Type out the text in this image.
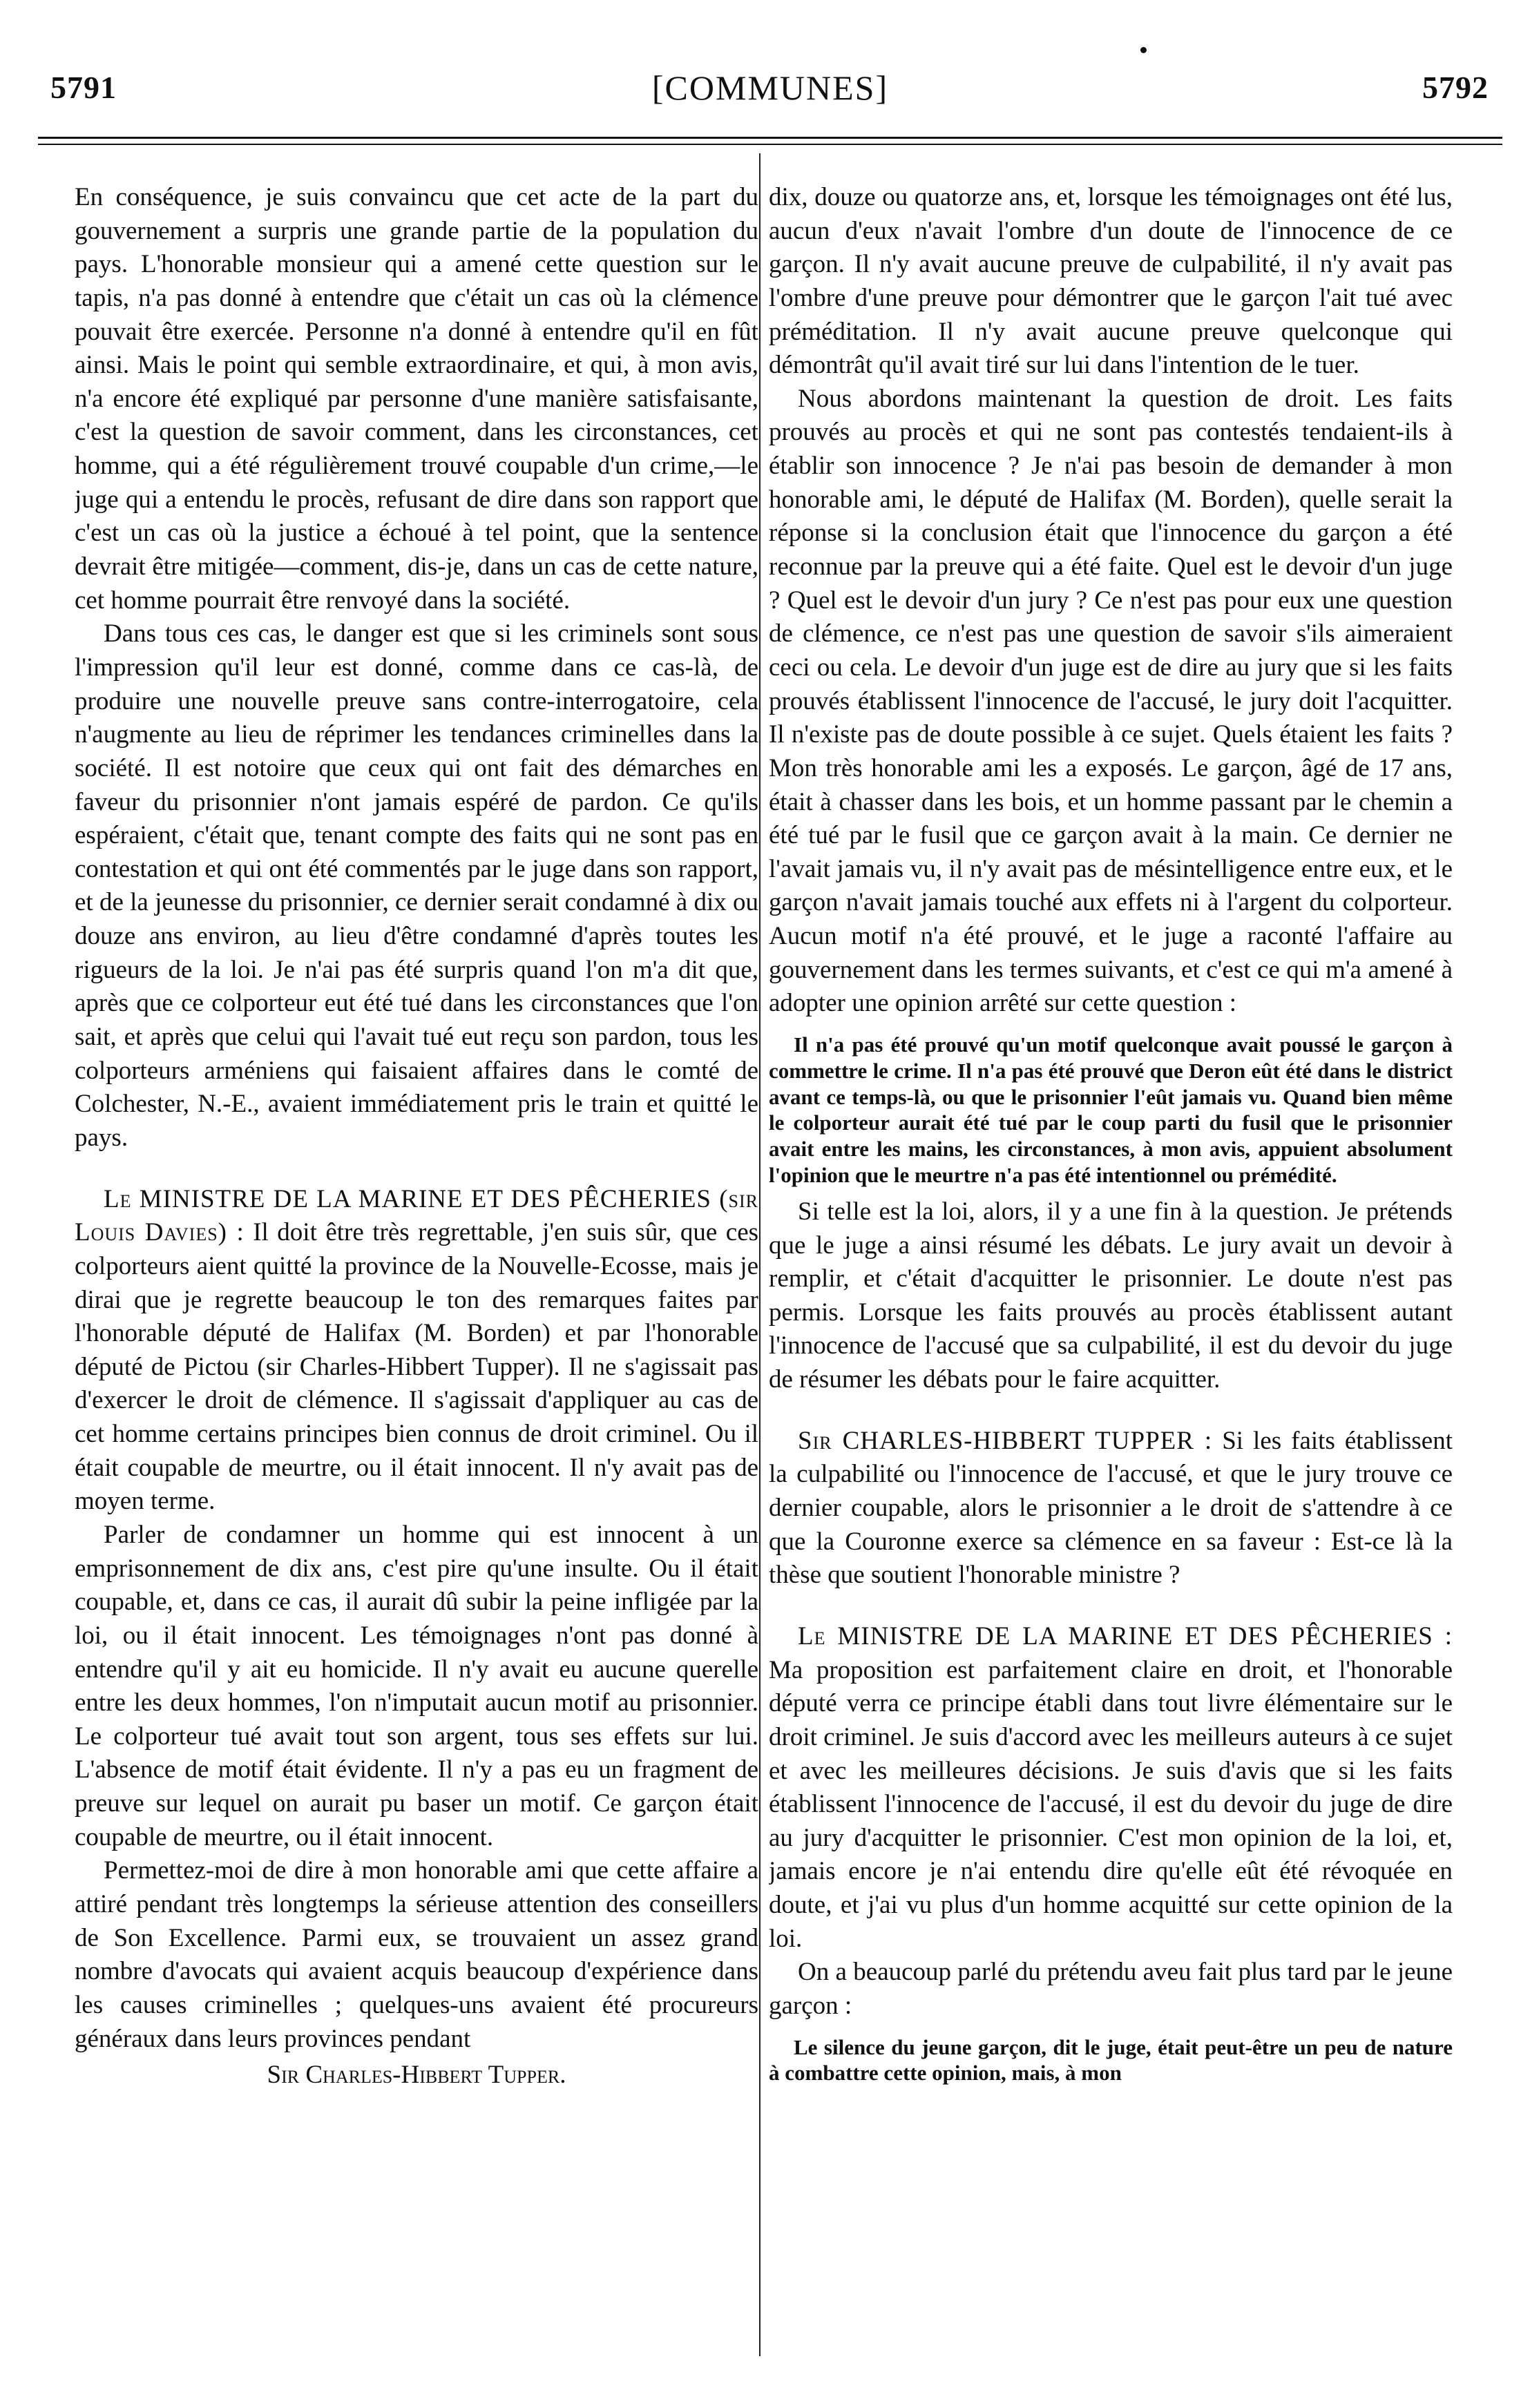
5791	[COMMUNES]	5792

En conséquence, je suis convaincu que cet acte de la part du gouvernement a surpris une grande partie de la population du pays. L'honorable monsieur qui a amené cette question sur le tapis, n'a pas donné à entendre que c'était un cas où la clémence pouvait être exercée. Personne n'a donné à entendre qu'il en fût ainsi. Mais le point qui semble extraordinaire, et qui, à mon avis, n'a encore été expliqué par personne d'une manière satisfaisante, c'est la question de savoir comment, dans les circonstances, cet homme, qui a été régulièrement trouvé coupable d'un crime,—le juge qui a entendu le procès, refusant de dire dans son rapport que c'est un cas où la justice a échoué à tel point, que la sentence devrait être mitigée—comment, dis-je, dans un cas de cette nature, cet homme pourrait être renvoyé dans la société.

Dans tous ces cas, le danger est que si les criminels sont sous l'impression qu'il leur est donné, comme dans ce cas-là, de produire une nouvelle preuve sans contre-interrogatoire, cela n'augmente au lieu de réprimer les tendances criminelles dans la société. Il est notoire que ceux qui ont fait des démarches en faveur du prisonnier n'ont jamais espéré de pardon. Ce qu'ils espéraient, c'était que, tenant compte des faits qui ne sont pas en contestation et qui ont été commentés par le juge dans son rapport, et de la jeunesse du prisonnier, ce dernier serait condamné à dix ou douze ans environ, au lieu d'être condamné d'après toutes les rigueurs de la loi. Je n'ai pas été surpris quand l'on m'a dit que, après que ce colporteur eut été tué dans les circonstances que l'on sait, et après que celui qui l'avait tué eut reçu son pardon, tous les colporteurs arméniens qui faisaient affaires dans le comté de Colchester, N.-E., avaient immédiatement pris le train et quitté le pays.

Le MINISTRE DE LA MARINE ET DES PÊCHERIES (sir Louis Davies) : Il doit être très regrettable, j'en suis sûr, que ces colporteurs aient quitté la province de la Nouvelle-Ecosse, mais je dirai que je regrette beaucoup le ton des remarques faites par l'honorable député de Halifax (M. Borden) et par l'honorable député de Pictou (sir Charles-Hibbert Tupper). Il ne s'agissait pas d'exercer le droit de clémence. Il s'agissait d'appliquer au cas de cet homme certains principes bien connus de droit criminel. Ou il était coupable de meurtre, ou il était innocent. Il n'y avait pas de moyen terme.

Parler de condamner un homme qui est innocent à un emprisonnement de dix ans, c'est pire qu'une insulte. Ou il était coupable, et, dans ce cas, il aurait dû subir la peine infligée par la loi, ou il était innocent. Les témoignages n'ont pas donné à entendre qu'il y ait eu homicide. Il n'y avait eu aucune querelle entre les deux hommes, l'on n'imputait aucun motif au prisonnier. Le colporteur tué avait tout son argent, tous ses effets sur lui. L'absence de motif était évidente. Il n'y a pas eu un fragment de preuve sur lequel on aurait pu baser un motif. Ce garçon était coupable de meurtre, ou il était innocent.

Permettez-moi de dire à mon honorable ami que cette affaire a attiré pendant très longtemps la sérieuse attention des conseillers de Son Excellence. Parmi eux, se trouvaient un assez grand nombre d'avocats qui avaient acquis beaucoup d'expérience dans les causes criminelles ; quelques-uns avaient été procureurs généraux dans leurs provinces pendant

Sir Charles-Hibbert Tupper.

dix, douze ou quatorze ans, et, lorsque les témoignages ont été lus, aucun d'eux n'avait l'ombre d'un doute de l'innocence de ce garçon. Il n'y avait aucune preuve de culpabilité, il n'y avait pas l'ombre d'une preuve pour démontrer que le garçon l'ait tué avec préméditation. Il n'y avait aucune preuve quelconque qui démontrât qu'il avait tiré sur lui dans l'intention de le tuer.

Nous abordons maintenant la question de droit. Les faits prouvés au procès et qui ne sont pas contestés tendaient-ils à établir son innocence ? Je n'ai pas besoin de demander à mon honorable ami, le député de Halifax (M. Borden), quelle serait la réponse si la conclusion était que l'innocence du garçon a été reconnue par la preuve qui a été faite. Quel est le devoir d'un juge ? Quel est le devoir d'un jury ? Ce n'est pas pour eux une question de clémence, ce n'est pas une question de savoir s'ils aimeraient ceci ou cela. Le devoir d'un juge est de dire au jury que si les faits prouvés établissent l'innocence de l'accusé, le jury doit l'acquitter. Il n'existe pas de doute possible à ce sujet. Quels étaient les faits ? Mon très honorable ami les a exposés. Le garçon, âgé de 17 ans, était à chasser dans les bois, et un homme passant par le chemin a été tué par le fusil que ce garçon avait à la main. Ce dernier ne l'avait jamais vu, il n'y avait pas de mésintelligence entre eux, et le garçon n'avait jamais touché aux effets ni à l'argent du colporteur. Aucun motif n'a été prouvé, et le juge a raconté l'affaire au gouvernement dans les termes suivants, et c'est ce qui m'a amené à adopter une opinion arrêté sur cette question :

Il n'a pas été prouvé qu'un motif quelconque avait poussé le garçon à commettre le crime. Il n'a pas été prouvé que Deron eût été dans le district avant ce temps-là, ou que le prisonnier l'eût jamais vu. Quand bien même le colporteur aurait été tué par le coup parti du fusil que le prisonnier avait entre les mains, les circonstances, à mon avis, appuient absolument l'opinion que le meurtre n'a pas été intentionnel ou prémédité.

Si telle est la loi, alors, il y a une fin à la question. Je prétends que le juge a ainsi résumé les débats. Le jury avait un devoir à remplir, et c'était d'acquitter le prisonnier. Le doute n'est pas permis. Lorsque les faits prouvés au procès établissent autant l'innocence de l'accusé que sa culpabilité, il est du devoir du juge de résumer les débats pour le faire acquitter.

Sir CHARLES-HIBBERT TUPPER : Si les faits établissent la culpabilité ou l'innocence de l'accusé, et que le jury trouve ce dernier coupable, alors le prisonnier a le droit de s'attendre à ce que la Couronne exerce sa clémence en sa faveur : Est-ce là la thèse que soutient l'honorable ministre ?

Le MINISTRE DE LA MARINE ET DES PÊCHERIES : Ma proposition est parfaitement claire en droit, et l'honorable député verra ce principe établi dans tout livre élémentaire sur le droit criminel. Je suis d'accord avec les meilleurs auteurs à ce sujet et avec les meilleures décisions. Je suis d'avis que si les faits établissent l'innocence de l'accusé, il est du devoir du juge de dire au jury d'acquitter le prisonnier. C'est mon opinion de la loi, et, jamais encore je n'ai entendu dire qu'elle eût été révoquée en doute, et j'ai vu plus d'un homme acquitté sur cette opinion de la loi.

On a beaucoup parlé du prétendu aveu fait plus tard par le jeune garçon :

Le silence du jeune garçon, dit le juge, était peut-être un peu de nature à combattre cette opinion, mais, à mon
